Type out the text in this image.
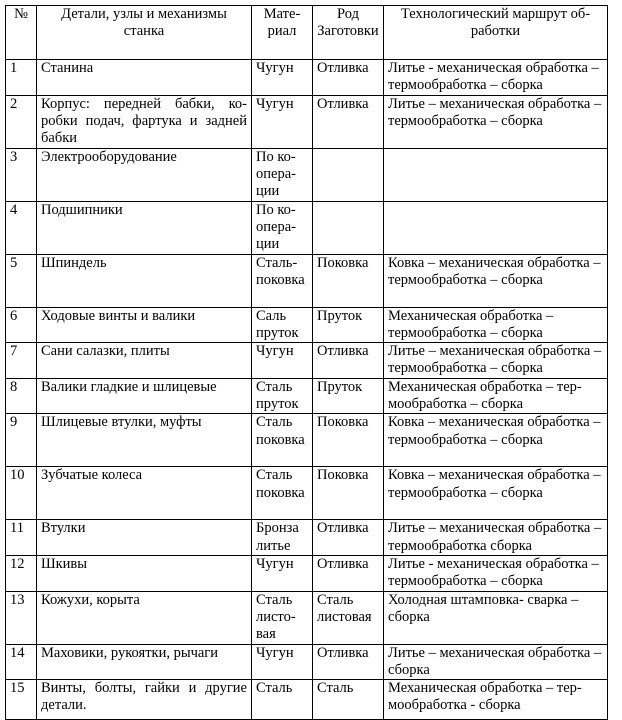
№	Детали, узлы и механизмы станка	Материал	Род Заготовки	Технологический маршрут обработки
1	Станина	Чугун	Отливка	Литье - механическая обработка – термообработка – сборка
2	Корпус: передней бабки, коробки подач, фартука и задней бабки	Чугун	Отливка	Литье – механическая обработка – термообработка – сборка
3	Электрооборудование	По кооперации		
4	Подшипники	По кооперации		
5	Шпиндель	Стальпоковка	Поковка	Ковка – механическая обработка – термообработка – сборка
6	Ходовые винты и валики	Саль пруток	Пруток	Механическая обработка – термообработка – сборка
7	Сани салазки, плиты	Чугун	Отливка	Литье – механическая обработка – термообработка – сборка
8	Валики гладкие и шлицевые	Сталь пруток	Пруток	Механическая обработка – термообработка – сборка
9	Шлицевые втулки, муфты	Сталь поковка	Поковка	Ковка – механическая обработка – термообработка – сборка
10	Зубчатые колеса	Сталь поковка	Поковка	Ковка – механическая обработка – термообработка – сборка
11	Втулки	Бронза литье	Отливка	Литье – механическая обработка – термообработка сборка
12	Шкивы	Чугун	Отливка	Литье - механическая обработка – термообработка – сборка
13	Кожухи, корыта	Сталь листовая	Сталь листовая	Холодная штамповка- сварка – сборка
14	Маховики, рукоятки, рычаги	Чугун	Отливка	Литье – механическая обработка – сборка
15	Винты, болты, гайки и другие детали.	Сталь	Сталь	Механическая обработка – термообработка - сборка
